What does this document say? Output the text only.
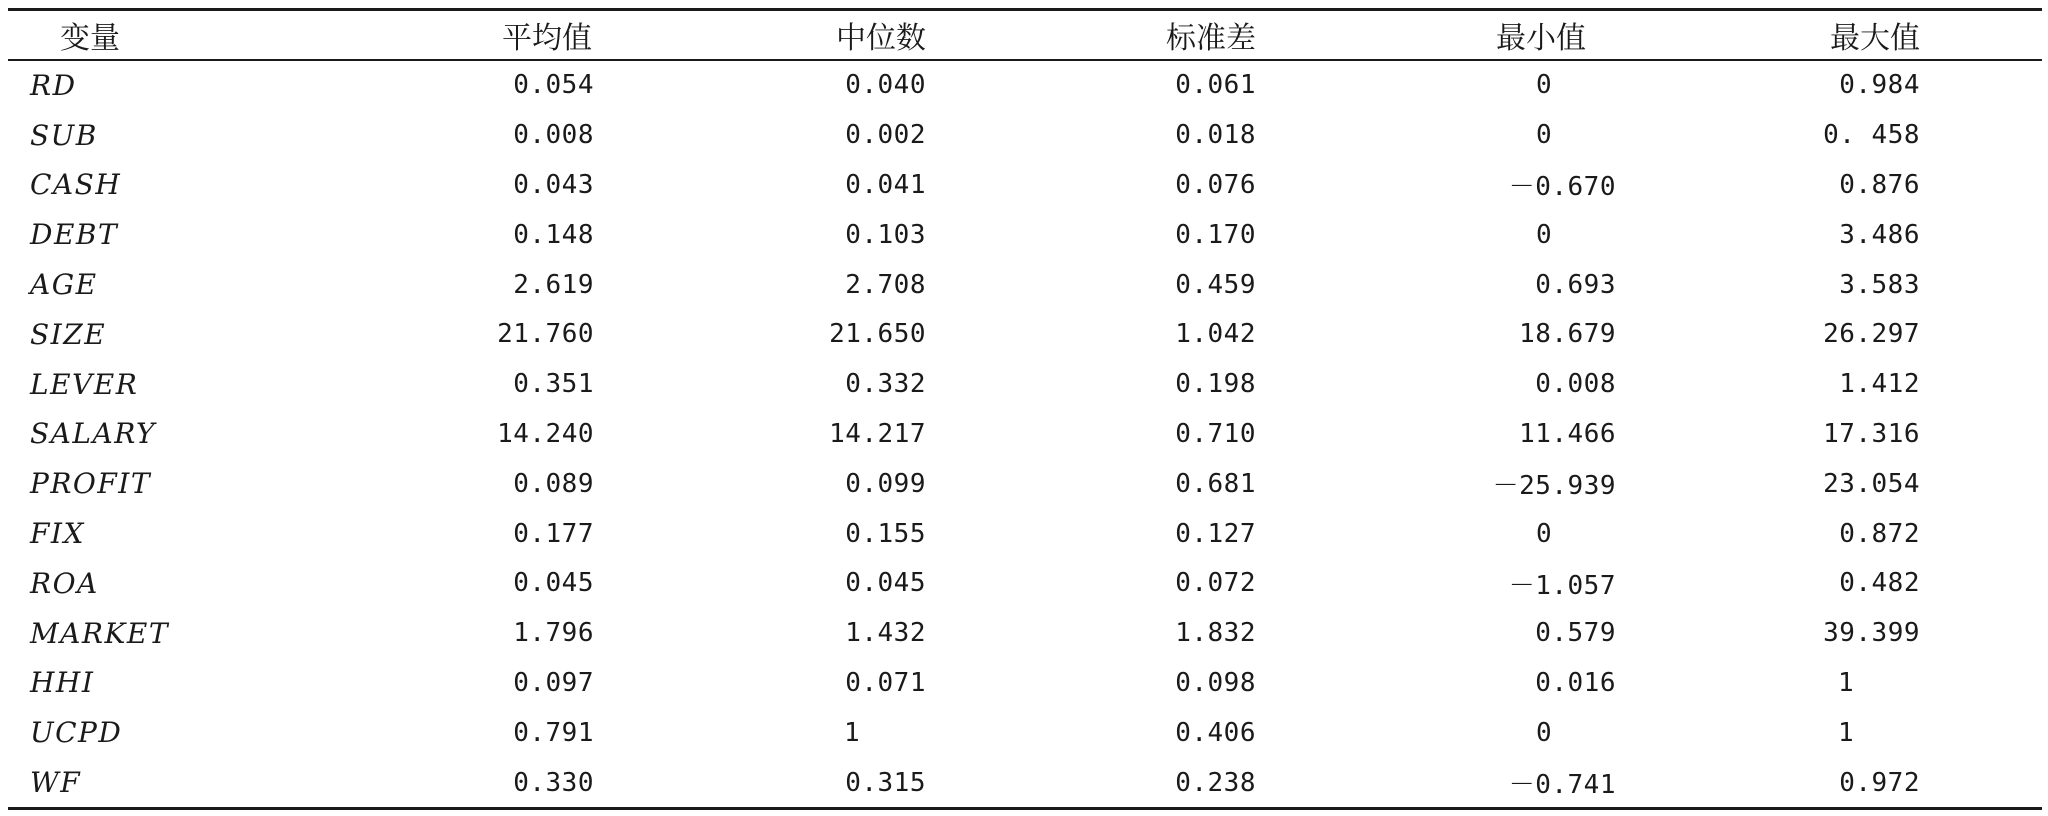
变量	平均值	中位数	标准差	最小值	最大值
RD	0.054	0.040	0.061	0	0.984
SUB	0.008	0.002	0.018	0	0. 458
CASH	0.043	0.041	0.076	－0.670	0.876
DEBT	0.148	0.103	0.170	0	3.486
AGE	2.619	2.708	0.459	0.693	3.583
SIZE	21.760	21.650	1.042	18.679	26.297
LEVER	0.351	0.332	0.198	0.008	1.412
SALARY	14.240	14.217	0.710	11.466	17.316
PROFIT	0.089	0.099	0.681	－25.939	23.054
FIX	0.177	0.155	0.127	0	0.872
ROA	0.045	0.045	0.072	－1.057	0.482
MARKET	1.796	1.432	1.832	0.579	39.399
HHI	0.097	0.071	0.098	0.016	1
UCPD	0.791	1	0.406	0	1
WF	0.330	0.315	0.238	－0.741	0.972
